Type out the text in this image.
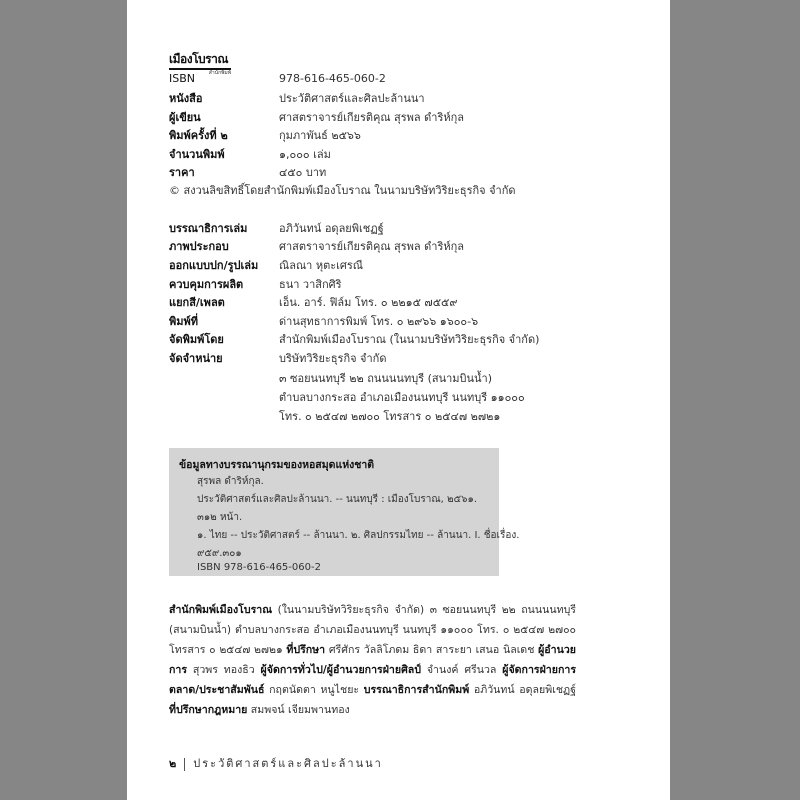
เมืองโบราณ
สำนักพิมพ์
ISBN	978-616-465-060-2
หนังสือ	ประวัติศาสตร์และศิลปะล้านนา
ผู้เขียน	ศาสตราจารย์เกียรติคุณ สุรพล ดำริห์กุล
พิมพ์ครั้งที่ ๒	กุมภาพันธ์ ๒๕๖๖
จำนวนพิมพ์	๑,๐๐๐ เล่ม
ราคา	๔๕๐ บาท
© สงวนลิขสิทธิ์โดยสำนักพิมพ์เมืองโบราณ ในนามบริษัทวิริยะธุรกิจ จำกัด
บรรณาธิการเล่ม	อภิวันทน์ อดุลยพิเชฏฐ์
ภาพประกอบ	ศาสตราจารย์เกียรติคุณ สุรพล ดำริห์กุล
ออกแบบปก/รูปเล่ม ณิลณา หุตะเศรณี
ควบคุมการผลิต	ธนา วาสิกศิริ
แยกสี/เพลต	เอ็น. อาร์. ฟิล์ม โทร. ๐ ๒๒๑๕ ๗๕๕๙
พิมพ์ที่	ด่านสุทธาการพิมพ์ โทร. ๐ ๒๙๖๖ ๑๖๐๐-๖
จัดพิมพ์โดย	สำนักพิมพ์เมืองโบราณ (ในนามบริษัทวิริยะธุรกิจ จำกัด)
จัดจำหน่าย	บริษัทวิริยะธุรกิจ จำกัด
๓ ซอยนนทบุรี ๒๒ ถนนนนทบุรี (สนามบินน้ำ)
ตำบลบางกระสอ อำเภอเมืองนนทบุรี นนทบุรี ๑๑๐๐๐
โทร. ๐ ๒๕๔๗ ๒๗๐๐ โทรสาร ๐ ๒๕๔๗ ๒๗๒๑
ข้อมูลทางบรรณานุกรมของหอสมุดแห่งชาติ
สุรพล ดำริห์กุล.
ประวัติศาสตร์และศิลปะล้านนา. -- นนทบุรี : เมืองโบราณ, ๒๕๖๑.
๓๑๒ หน้า.
๑. ไทย -- ประวัติศาสตร์ -- ล้านนา. ๒. ศิลปกรรมไทย -- ล้านนา. I. ชื่อเรื่อง.
๙๕๙.๓๐๑
ISBN 978-616-465-060-2
สำนักพิมพ์เมืองโบราณ (ในนามบริษัทวิริยะธุรกิจ จำกัด) ๓ ซอยนนทบุรี ๒๒ ถนนนนทบุรี (สนามบินน้ำ) ตำบลบางกระสอ อำเภอเมืองนนทบุรี นนทบุรี ๑๑๐๐๐ โทร. ๐ ๒๕๔๗ ๒๗๐๐ โทรสาร ๐ ๒๕๔๗ ๒๗๒๑ ที่ปรึกษา ศรีศักร วัลลิโภดม ธิดา สาระยา เสนอ นิลเดช ผู้อำนวยการ สุวพร ทองธิว ผู้จัดการทั่วไป/ผู้อำนวยการฝ่ายศิลป์ จำนงค์ ศรีนวล ผู้จัดการฝ่ายการตลาด/ประชาสัมพันธ์ กฤตนัดตา หนูไชยะ บรรณาธิการสำนักพิมพ์ อภิวันทน์ อดุลยพิเชฏฐ์ ที่ปรึกษากฎหมาย สมพจน์ เจียมพานทอง
๒ ประวัติศาสตร์และศิลปะล้านนา
